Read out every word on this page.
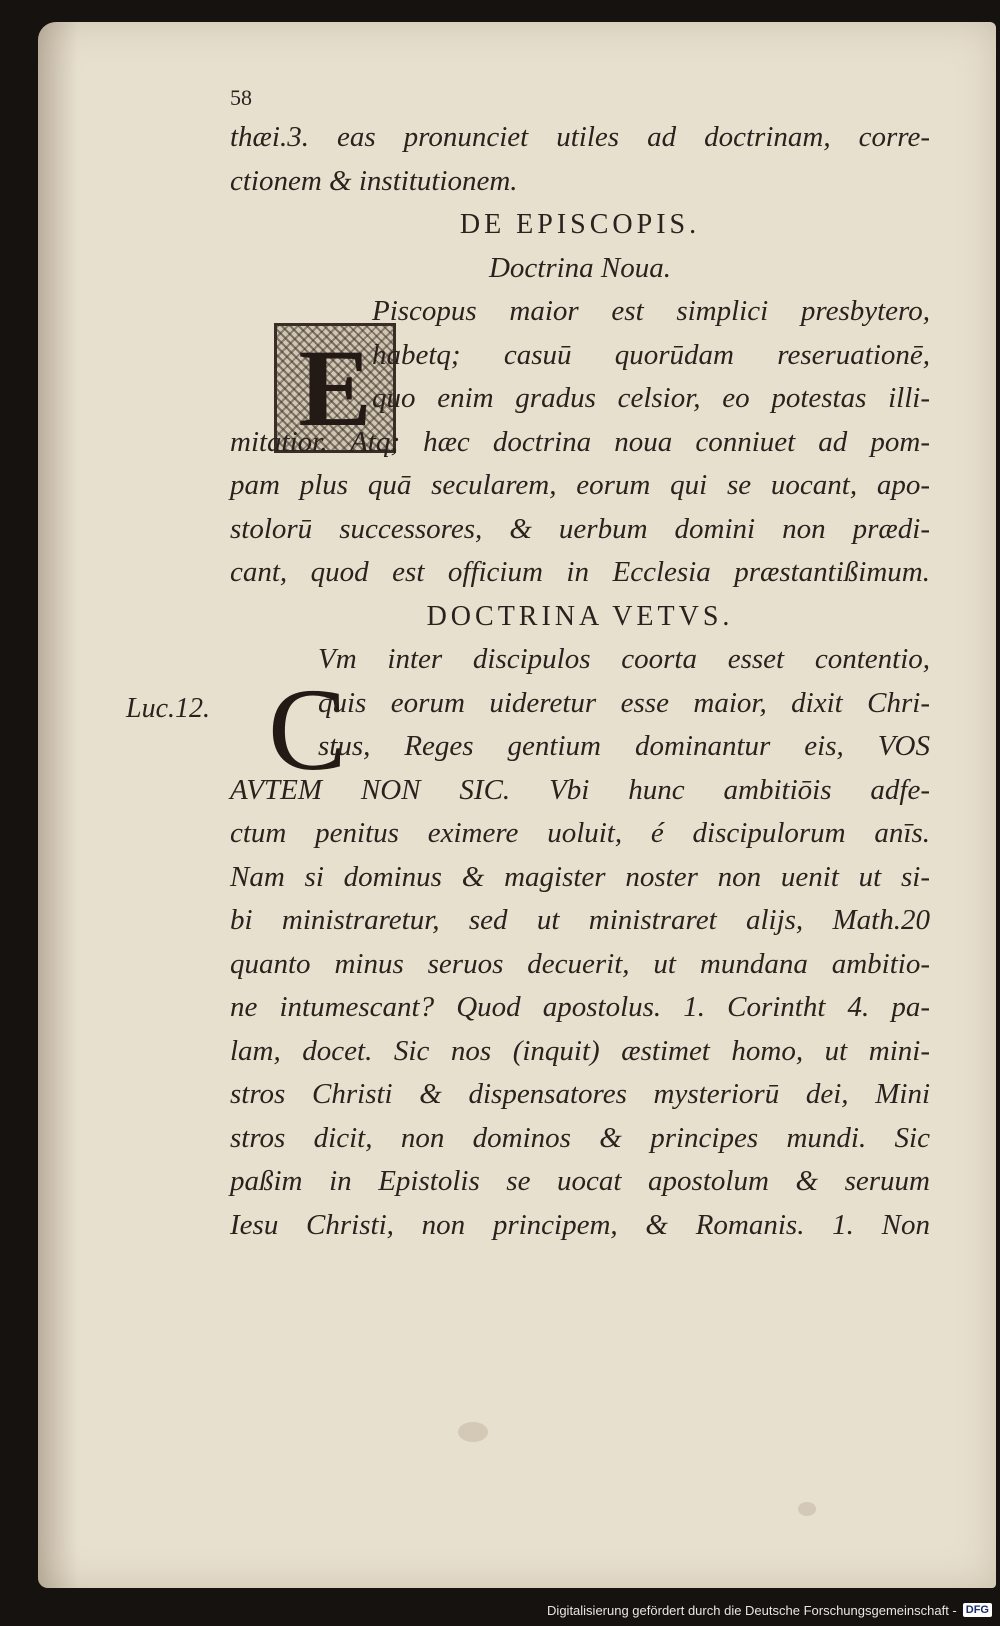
E
C
Luc.12.
58
thæi.3. eas pronunciet utiles ad doctrinam, corre-
ctionem & institutionem.
DE EPISCOPIS.
Doctrina Noua.
Piscopus maior est simplici presbytero,
habetq; casuū quorūdam reseruationē,
quo enim gradus celsior, eo potestas illi-
mitatior. Atq; hæc doctrina noua conniuet ad pom-
pam plus quā secularem, eorum qui se uocant, apo-
stolorū successores, & uerbum domini non prædi-
cant, quod est officium in Ecclesia præstantißimum.
DOCTRINA VETVS.
Vm inter discipulos coorta esset contentio,
quis eorum uideretur esse maior, dixit Chri-
stus, Reges gentium dominantur eis, VOS
AVTEM NON SIC. Vbi hunc ambitiōis adfe-
ctum penitus eximere uoluit, é discipulorum anīs.
Nam si dominus & magister noster non uenit ut si-
bi ministraretur, sed ut ministraret alijs, Math.20
quanto minus seruos decuerit, ut mundana ambitio-
ne intumescant? Quod apostolus. 1. Corintht 4. pa-
lam, docet. Sic nos (inquit) æstimet homo, ut mini-
stros Christi & dispensatores mysteriorū dei, Mini
stros dicit, non dominos & principes mundi. Sic
paßim in Epistolis se uocat apostolum & seruum
Iesu Christi, non principem, & Romanis. 1. Non
Digitalisierung gefördert durch die Deutsche Forschungsgemeinschaft - DFG
